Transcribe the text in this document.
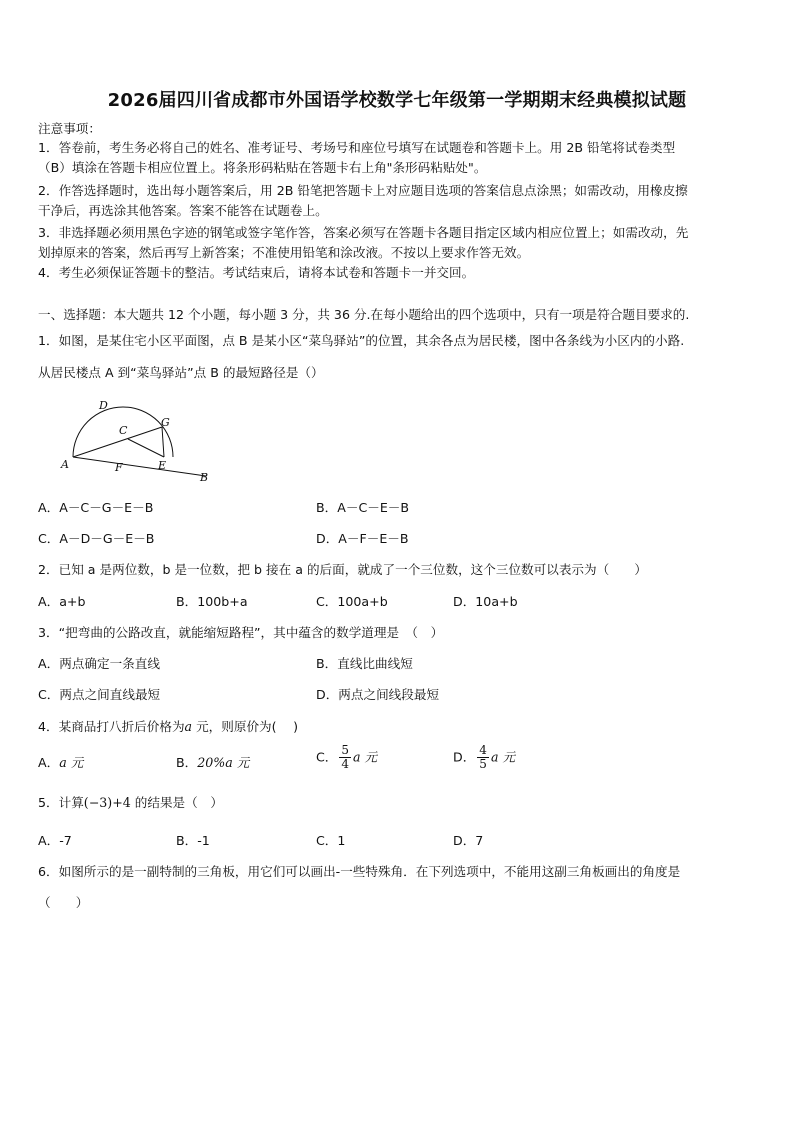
2026届四川省成都市外国语学校数学七年级第一学期期末经典模拟试题
注意事项：
1．答卷前，考生务必将自己的姓名、准考证号、考场号和座位号填写在试题卷和答题卡上。用 2B 铅笔将试卷类型
（B）填涂在答题卡相应位置上。将条形码粘贴在答题卡右上角"条形码粘贴处"。
2．作答选择题时，选出每小题答案后，用 2B 铅笔把答题卡上对应题目选项的答案信息点涂黑；如需改动，用橡皮擦
干净后，再选涂其他答案。答案不能答在试题卷上。
3．非选择题必须用黑色字迹的钢笔或签字笔作答，答案必须写在答题卡各题目指定区域内相应位置上；如需改动，先
划掉原来的答案，然后再写上新答案；不准使用铅笔和涂改液。不按以上要求作答无效。
4．考生必须保证答题卡的整洁。考试结束后，请将本试卷和答题卡一并交回。
一、选择题：本大题共 12 个小题，每小题 3 分，共 36 分.在每小题给出的四个选项中，只有一项是符合题目要求的.
1．如图，是某住宅小区平面图，点 B 是某小区“菜鸟驿站”的位置，其余各点为居民楼，图中各条线为小区内的小路.
从居民楼点 A 到“菜鸟驿站”点 B 的最短路径是（）
D
C
G
A	F	E
B
A．A－C－G－E－B	B．A－C－E－B
C．A－D－G－E－B	D．A－F－E－B
2．已知 a 是两位数，b 是一位数，把 b 接在 a 的后面，就成了一个三位数，这个三位数可以表示为（　　）
A．a+b	B．100b+a	C．100a+b	D．10a+b
3．“把弯曲的公路改直，就能缩短路程”，其中蕴含的数学道理是　（　）
A．两点确定一条直线	B．直线比曲线短
C．两点之间直线最短	D．两点之间线段最短
4．某商品打八折后价格为a 元，则原价为(　 )
A．a 元	B．20%a 元	C． $\frac{5}{4}$ a 元	D． $\frac{4}{5}$ a 元
5．计算(−3)+4 的结果是（　）
A．-7	B．-1	C．1	D．7
6．如图所示的是一副特制的三角板，用它们可以画出-一些特殊角．在下列选项中，不能用这副三角板画出的角度是
（　　）
